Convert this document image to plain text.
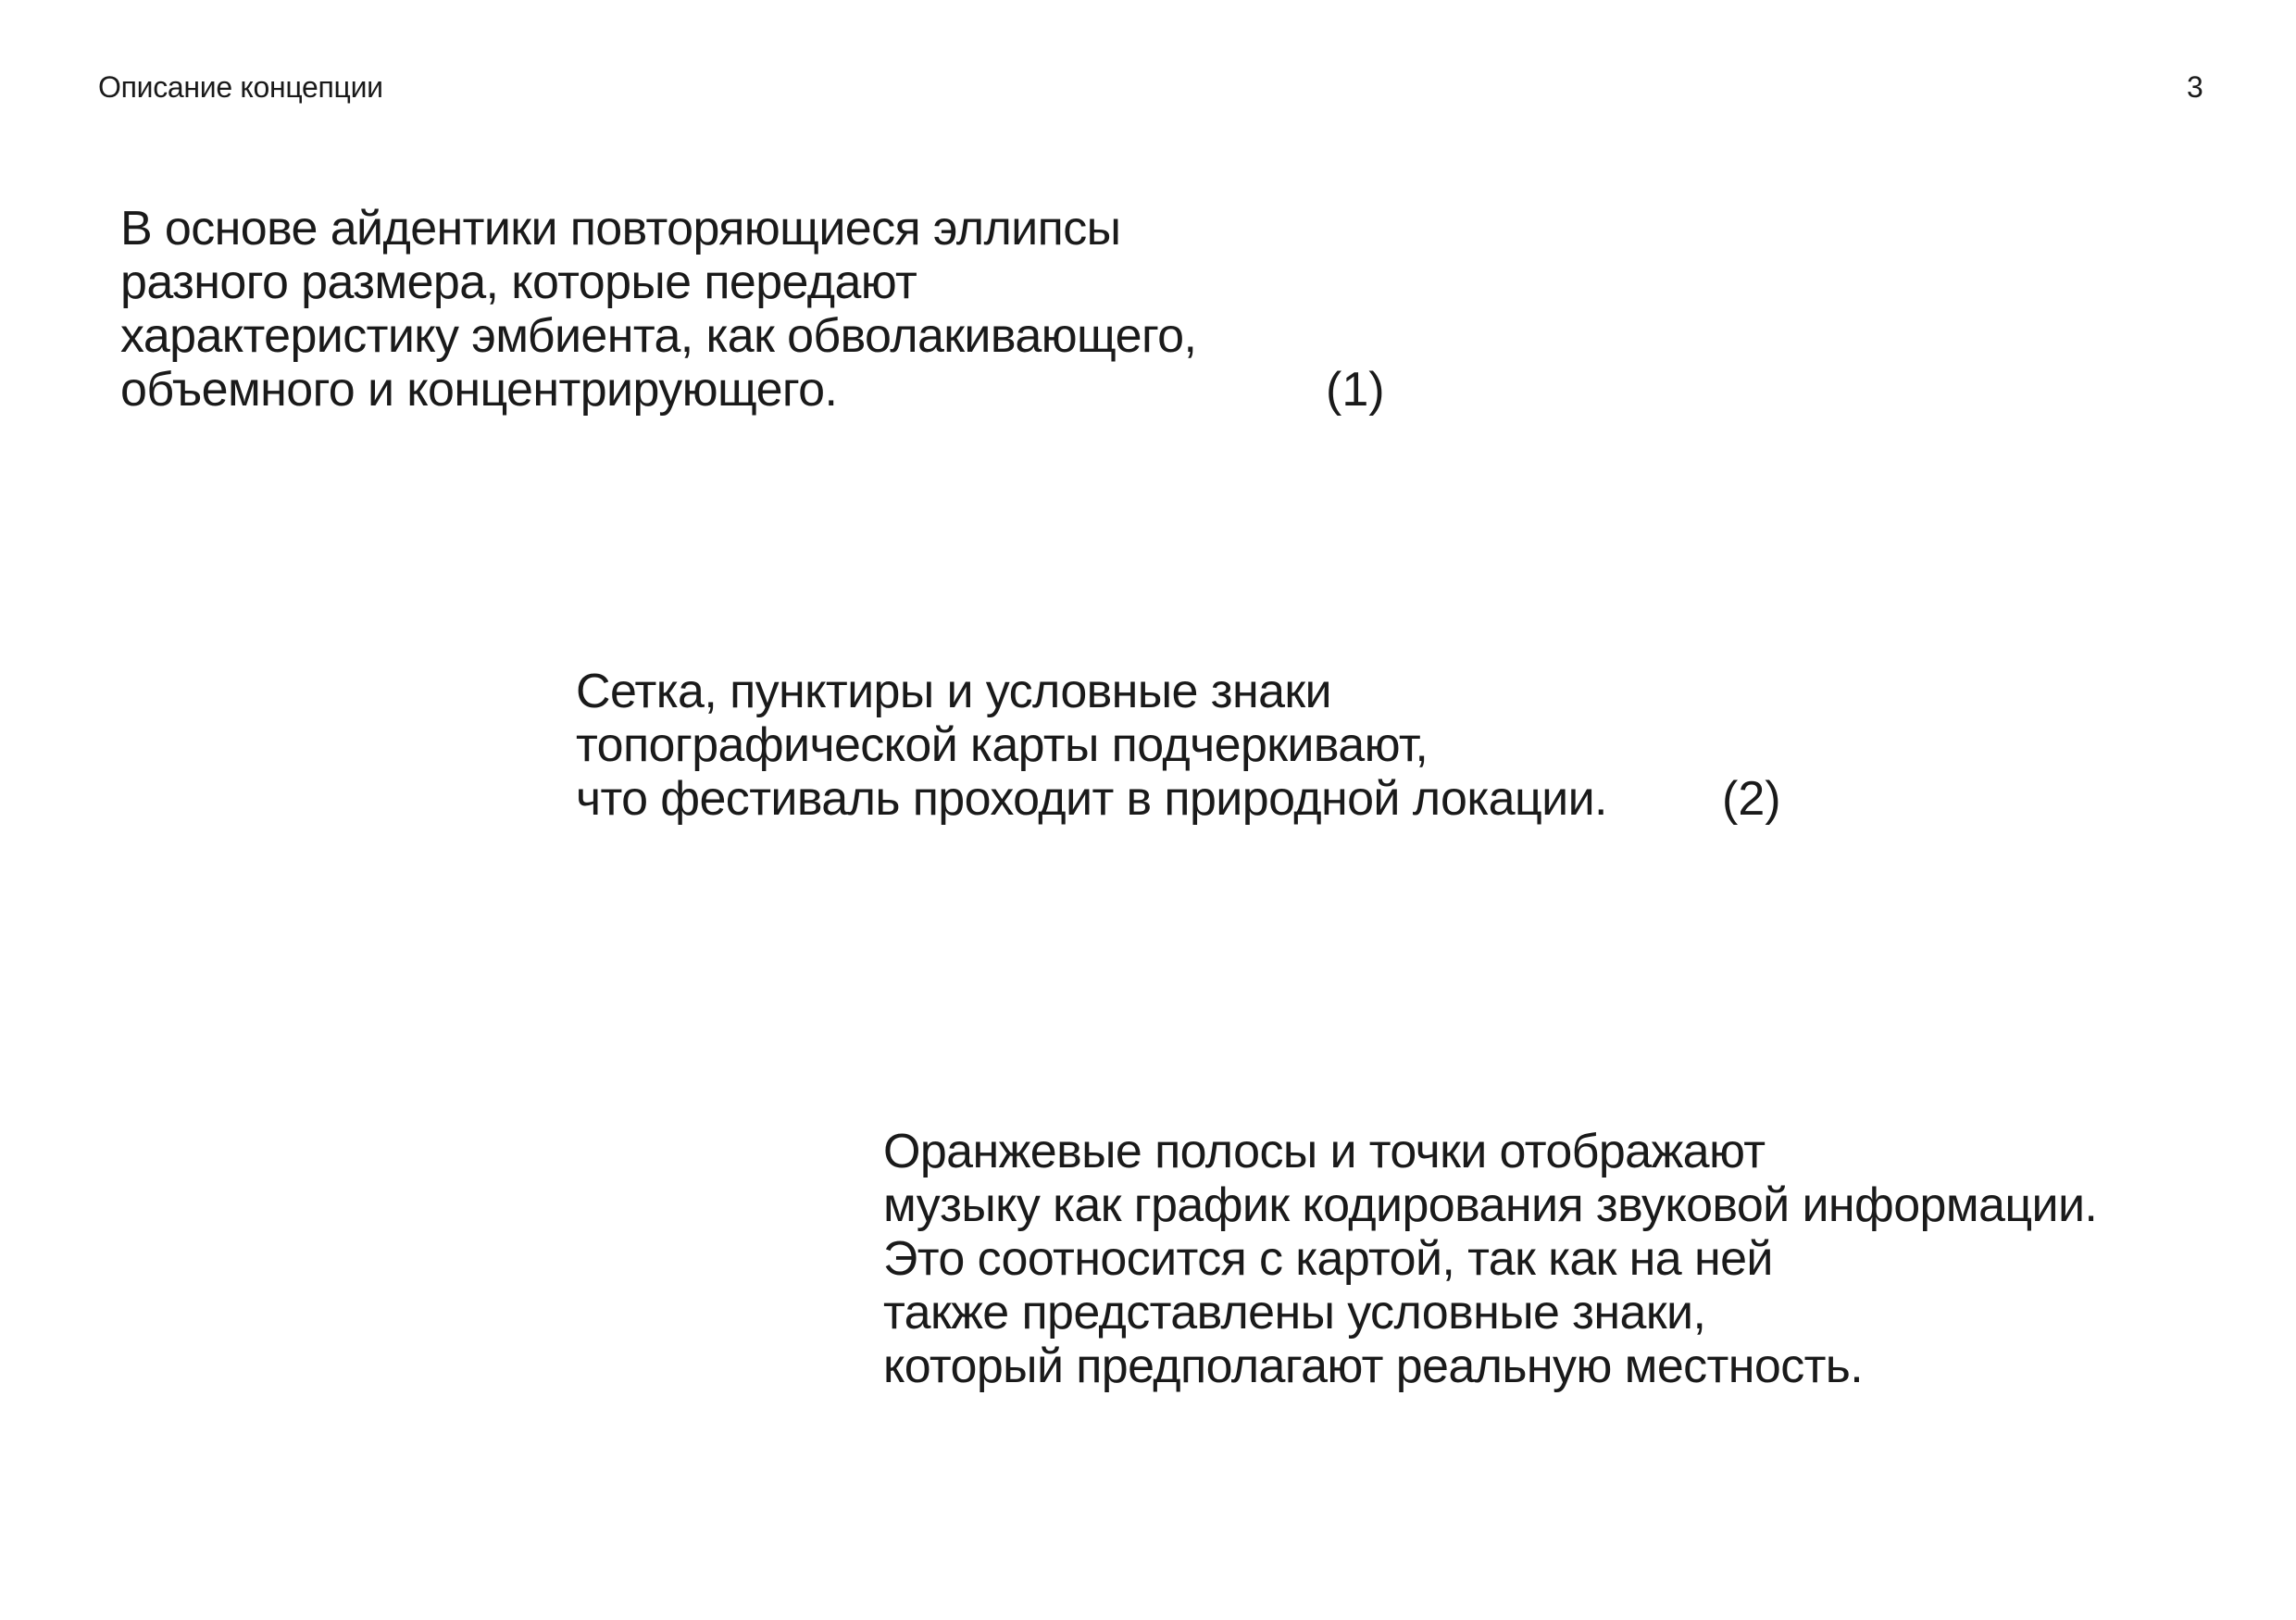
Описание концепции	3
В основе айдентики повторяющиеся эллипсы
разного размера, которые передают
характеристику эмбиента, как обволакивающего,
объемного и концентрирующего.	(1)
Сетка, пунктиры и условные знаки
топографической карты подчеркивают,
что фестиваль проходит в природной локации. (2)
Оранжевые полосы и точки отображают
музыку как график кодирования звуковой информации.
Это соотносится с картой, так как на ней
также представлены условные знаки,
который предполагают реальную местность.
